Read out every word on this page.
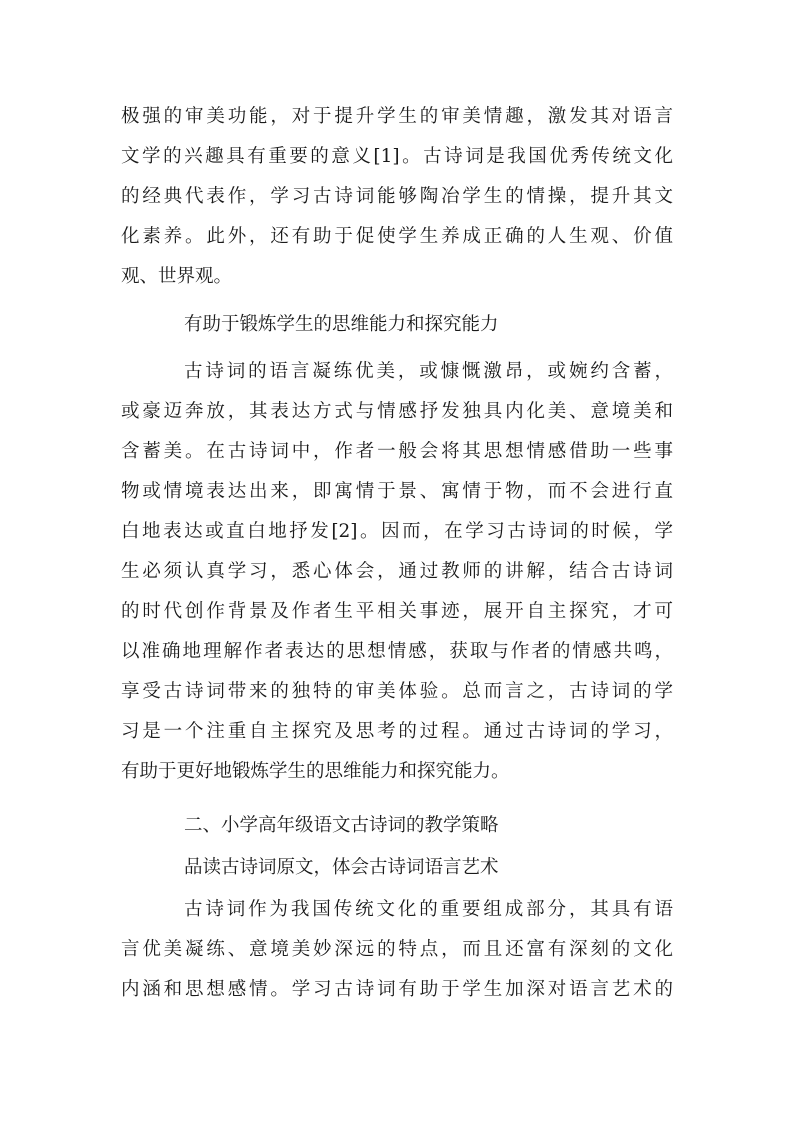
极强的审美功能，对于提升学生的审美情趣，激发其对语言
文学的兴趣具有重要的意义[1]。古诗词是我国优秀传统文化
的经典代表作，学习古诗词能够陶冶学生的情操，提升其文
化素养。此外，还有助于促使学生养成正确的人生观、价值
观、世界观。
有助于锻炼学生的思维能力和探究能力
古诗词的语言凝练优美，或慷慨激昂，或婉约含蓄，
或豪迈奔放，其表达方式与情感抒发独具内化美、意境美和
含蓄美。在古诗词中，作者一般会将其思想情感借助一些事
物或情境表达出来，即寓情于景、寓情于物，而不会进行直
白地表达或直白地抒发[2]。因而，在学习古诗词的时候，学
生必须认真学习，悉心体会，通过教师的讲解，结合古诗词
的时代创作背景及作者生平相关事迹，展开自主探究，才可
以准确地理解作者表达的思想情感，获取与作者的情感共鸣，
享受古诗词带来的独特的审美体验。总而言之，古诗词的学
习是一个注重自主探究及思考的过程。通过古诗词的学习，
有助于更好地锻炼学生的思维能力和探究能力。
二、小学高年级语文古诗词的教学策略
品读古诗词原文，体会古诗词语言艺术
古诗词作为我国传统文化的重要组成部分，其具有语
言优美凝练、意境美妙深远的特点，而且还富有深刻的文化
内涵和思想感情。学习古诗词有助于学生加深对语言艺术的
